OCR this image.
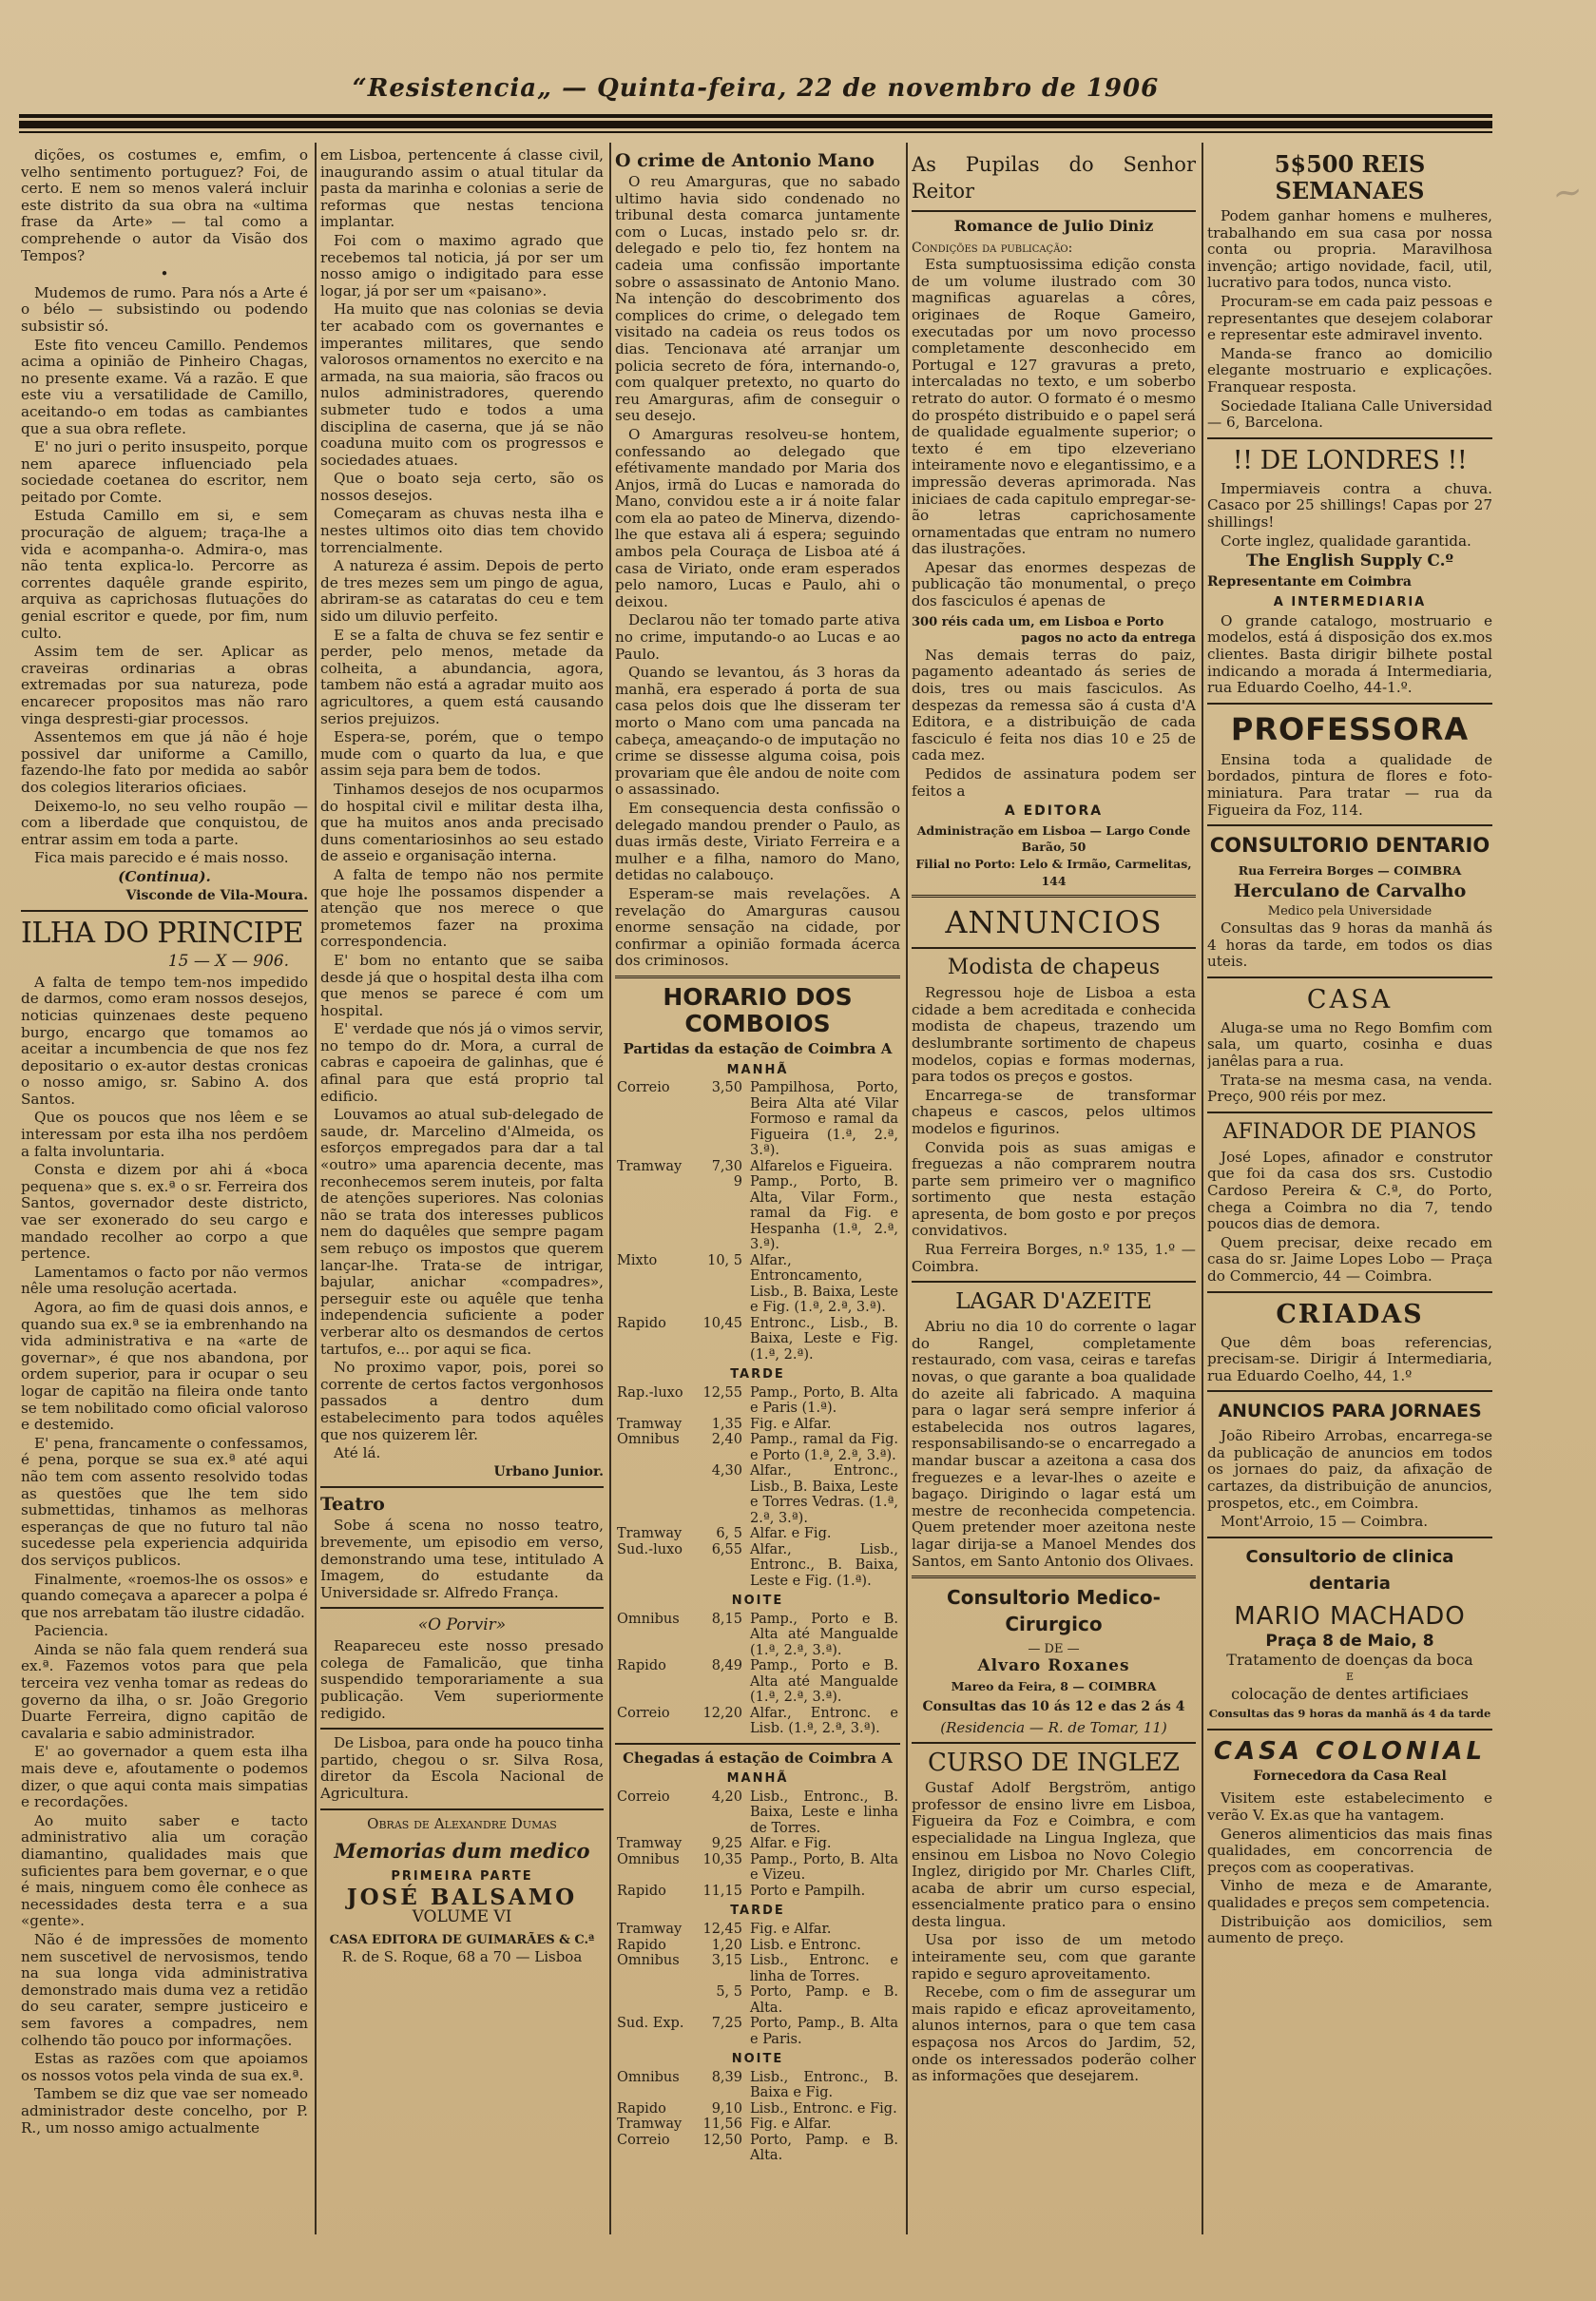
“Resistencia„ — Quinta-feira, 22 de novembro de 1906

dições, os costumes e, emfim, o velho sentimento portuguez? Foi, de certo. E nem so menos valerá incluir este distrito da sua obra na «ultima frase da Arte» — tal como a comprehende o autor da Visão dos Tempos?

•

Mudemos de rumo. Para nós a Arte é o bélo — subsistindo ou podendo subsistir só.

Este fito venceu Camillo. Pendemos acima a opinião de Pinheiro Chagas, no presente exame. Vá a razão. E que este viu a versatilidade de Camillo, aceitando-o em todas as cambiantes que a sua obra reflete.

E' no juri o perito insuspeito, porque nem aparece influenciado pela sociedade coetanea do escritor, nem peitado por Comte.

Estuda Camillo em si, e sem procuração de alguem; traça-lhe a vida e acompanha-o. Admira-o, mas não tenta explica-lo. Percorre as correntes daquêle grande espirito, arquiva as caprichosas flutuações do genial escritor e quede, por fim, num culto.

Assim tem de ser. Aplicar as craveiras ordinarias a obras extremadas por sua natureza, pode encarecer propositos mas não raro vinga despresti-giar processos.

Assentemos em que já não é hoje possivel dar uniforme a Camillo, fazendo-lhe fato por medida ao sabôr dos colegios literarios oficiaes.

Deixemo-lo, no seu velho roupão — com a liberdade que conquistou, de entrar assim em toda a parte.

Fica mais parecido e é mais nosso.

(Continua).

Visconde de Vila-Moura.
ILHA DO PRINCIPE
15 — X — 906.

A falta de tempo tem-nos impedido de darmos, como eram nossos desejos, noticias quinzenaes deste pequeno burgo, encargo que tomamos ao aceitar a incumbencia de que nos fez depositario o ex-autor destas cronicas o nosso amigo, sr. Sabino A. dos Santos.

Que os poucos que nos lêem e se interessam por esta ilha nos perdôem a falta involuntaria.

Consta e dizem por ahi á «boca pequena» que s. ex.ª o sr. Ferreira dos Santos, governador deste districto, vae ser exonerado do seu cargo e mandado recolher ao corpo a que pertence.

Lamentamos o facto por não vermos nêle uma resolução acertada.

Agora, ao fim de quasi dois annos, e quando sua ex.ª se ia embrenhando na vida administrativa e na «arte de governar», é que nos abandona, por ordem superior, para ir ocupar o seu logar de capitão na fileira onde tanto se tem nobilitado como oficial valoroso e destemido.

E' pena, francamente o confessamos, é pena, porque se sua ex.ª até aqui não tem com assento resolvido todas as questões que lhe tem sido submettidas, tinhamos as melhoras esperanças de que no futuro tal não sucedesse pela experiencia adquirida dos serviços publicos.

Finalmente, «roemos-lhe os ossos» e quando começava a aparecer a polpa é que nos arrebatam tão ilustre cidadão.

Paciencia.

Ainda se não fala quem renderá sua ex.ª. Fazemos votos para que pela terceira vez venha tomar as redeas do governo da ilha, o sr. João Gregorio Duarte Ferreira, digno capitão de cavalaria e sabio administrador.

E' ao governador a quem esta ilha mais deve e, afoutamente o podemos dizer, o que aqui conta mais simpatias e recordações.

Ao muito saber e tacto administrativo alia um coração diamantino, qualidades mais que suficientes para bem governar, e o que é mais, ninguem como êle conhece as necessidades desta terra e a sua «gente».

Não é de impressões de momento nem suscetivel de nervosismos, tendo na sua longa vida administrativa demonstrado mais duma vez a retidão do seu carater, sempre justiceiro e sem favores a compadres, nem colhendo tão pouco por informações.

Estas as razões com que apoiamos os nossos votos pela vinda de sua ex.ª.

Tambem se diz que vae ser nomeado administrador deste concelho, por P. R., um nosso amigo actualmente

em Lisboa, pertencente á classe civil, inaugurando assim o atual titular da pasta da marinha e colonias a serie de reformas que nestas tencionа implantar.

Foi com o maximo agrado que recebemos tal noticia, já por ser um nosso amigo o indigitado para esse logar, já por ser um «paisano».

Ha muito que nas colonias se deviа ter acabado com os governantes e imperantes militares, que sendo valorosos ornamentos no exercito e na armada, na sua maioria, são fracos ou nulos administradores, querendo submeter tudo e todos a uma disciplina de caserna, que já se não coaduna muito com os progressos e sociedades atuaes.

Que o boato seja certo, são os nossos desejos.

Começaram as chuvas nesta ilha e nestes ultimos oito dias tem chovido torrencialmente.

A natureza é assim. Depois de perto de tres mezes sem um pingo de agua, abriram-se as cataratas do ceu e tem sido um diluvio perfeito.

E se a falta de chuva se fez sentir e perder, pelo menos, metade da colheita, a abundancia, agora, tambem não está a agradar muito aos agricultores, a quem está causando serios prejuizos.

Espera-se, porém, que o tempo mude com o quarto da lua, e que assim seja para bem de todos.

Tinhamos desejos de nos ocuparmos do hospital civil e militar desta ilha, que ha muitos anos anda precisado duns comentariosinhos ao seu estado de asseio e organisação interna.

A falta de tempo não nos permite que hoje lhe possamos dispender a atenção que nos merece o que prometemos fazer na proxima correspondencia.

E' bom no entanto que se saiba desde já que o hospital desta ilha com que menos se parece é com um hospital.

E' verdade que nós já o vimos servir, no tempo do dr. Mora, a curral de cabras e capoeira de galinhas, que é afinal para que está proprio tal edificio.

Louvamos ao atual sub-delegado de saude, dr. Marcelino d'Almeida, os esforços empregados para dar a tal «outro» uma aparencia decente, mas reconhecemos serem inuteis, por falta de atenções superiores. Nas colonias não se trata dos interesses publicos nem do daquêles que sempre pagam sem rebuço os impostos que querem lançar-lhe. Trata-se de intrigar, bajular, anichar «compadres», perseguir este ou aquêle que tenha independencia suficiente a poder verberar alto os desmandos de certos tartufos, e... por aqui se fica.

No proximo vapor, pois, porei so corrente de certos factos vergonhosos passados a dentro dum estabelecimento para todos aquêles que nos quizerem lêr.

Até lá.

Urbano Junior.
Teatro

Sobe á scena no nosso teatro, brevemente, um episodio em verso, demonstrando uma tese, intitulado A Imagem, do estudante da Universidade sr. Alfredo França.

«O Porvir»

Reapareceu este nosso presado colega de Famalicão, que tinha suspendido temporariamente a sua publicação. Vem superiormente redigido.

De Lisboa, para onde ha pouco tinha partido, chegou o sr. Silva Rosa, diretor da Escola Nacional de Agricultura.

Obras de Alexandre Dumas
Memorias dum medico
PRIMEIRA PARTE
JOSÉ BALSAMO
VOLUME VI
CASA EDITORA DE GUIMARÃES & C.ª
R. de S. Roque, 68 a 70 — Lisboa
O crime de Antonio Mano

O reu Amarguras, que no sabado ultimo havia sido condenado no tribunal desta comarca juntamente com o Lucas, instado pelo sr. dr. delegado e pelo tio, fez hontem na cadeia uma confissão importante sobre o assassinato de Antonio Mano. Na intenção do descobrimento dos complices do crime, o delegado tem visitado na cadeia os reus todos os dias. Tencionava até arranjar um policia secreto de fóra, internando-o, com qualquer pretexto, no quarto do reu Amarguras, afim de conseguir o seu desejo.

O Amarguras resolveu-se hontem, confessando ao delegado que efétivamente mandado por Maria dos Anjos, irmã do Lucas e namorada do Mano, convidou este a ir á noite falar com ela ao pateo de Minerva, dizendo-lhe que estava ali á espera; seguindo ambos pela Couraça de Lisboa até á casa de Viriato, onde eram esperados pelo namoro, Lucas e Paulo, ahi o deixou.

Declarou não ter tomado parte ativa no crime, imputando-o ao Lucas e ao Paulo.

Quando se levantou, ás 3 horas da manhã, era esperado á porta de sua casa pelos dois que lhe disseram ter morto o Mano com uma pancada na cabeça, ameaçando-o de imputação no crime se dissesse alguma coisa, pois provariam que êle andou de noite com o assassinado.

Em consequencia desta confissão o delegado mandou prender o Paulo, as duas irmãs deste, Viriato Ferreira e a mulher e a filha, namoro do Mano, detidas no calabouço.

Esperam-se mais revelações. A revelação do Amarguras causou enorme sensação na cidade, por confirmar a opinião formada ácerca dos criminosos.

HORARIO DOS COMBOIOS
Partidas da estação de Coimbra A
MANHÃ
Correio	3,50	Pampilhosa, Porto, Beira Alta até Vilar Formoso e ramal da Figueira (1.ª, 2.ª, 3.ª).
Tramway	7,30	Alfarelos e Figueira.
	9	Pamp., Porto, B. Alta, Vilar Form., ramal da Fig. e Hespanha (1.ª, 2.ª, 3.ª).
Mixto	10, 5	Alfar., Entroncamento, Lisb., B. Baixa, Leste e Fig. (1.ª, 2.ª, 3.ª).
Rapido	10,45	Entronc., Lisb., B. Baixa, Leste e Fig. (1.ª, 2.ª).
TARDE
Rap.-luxo	12,55	Pamp., Porto, B. Alta e Paris (1.ª).
Tramway	1,35	Fig. e Alfar.
Omnibus	2,40	Pamp., ramal da Fig. e Porto (1.ª, 2.ª, 3.ª).
	4,30	Alfar., Entronc., Lisb., B. Baixa, Leste e Torres Vedras. (1.ª, 2.ª, 3.ª).
Tramway	6, 5	Alfar. e Fig.
Sud.-luxo	6,55	Alfar., Lisb., Entronc., B. Baixa, Leste e Fig. (1.ª).
NOITE
Omnibus	8,15	Pamp., Porto e B. Alta até Mangualde (1.ª, 2.ª, 3.ª).
Rapido	8,49	Pamp., Porto e B. Alta até Mangualde (1.ª, 2.ª, 3.ª).
Correio	12,20	Alfar., Entronc. e Lisb. (1.ª, 2.ª, 3.ª).
Chegadas á estação de Coimbra A
MANHÃ
Correio	4,20	Lisb., Entronc., B. Baixa, Leste e linha de Torres.
Tramway	9,25	Alfar. e Fig.
Omnibus	10,35	Pamp., Porto, B. Alta e Vizeu.
Rapido	11,15	Porto e Pampilh.
TARDE
Tramway	12,45	Fig. e Alfar.
Rapido	1,20	Lisb. e Entronc.
Omnibus	3,15	Lisb., Entronc. e linha de Torres.
	5, 5	Porto, Pamp. e B. Alta.
Sud. Exp.	7,25	Porto, Pamp., B. Alta e Paris.
NOITE
Omnibus	8,39	Lisb., Entronc., B. Baixa e Fig.
Rapido	9,10	Lisb., Entronc. e Fig.
Tramway	11,56	Fig. e Alfar.
Correio	12,50	Porto, Pamp. e B. Alta.
As Pupilas do Senhor Reitor
Romance de Julio Diniz
Condições da publicação:

Esta sumptuosissima edição consta de um volume ilustrado com 30 magnificas aguarelas a côres, originaes de Roque Gameiro, executadas por um novo processo completamente desconhecido em Portugal e 127 gravuras a preto, intercaladas no texto, e um soberbo retrato do autor. O formato é o mesmo do prospéto distribuido e o papel será de qualidade egualmente superior; o texto é em tipo elzeveriano inteiramente novo e elegantissimo, e a impressão deveras aprimorada. Nas iniciaes de cada capitulo empregar-se-ão letras caprichosamente ornamentadas que entram no numero das ilustrações.

Apesar das enormes despezas de publicação tão monumental, o preço dos fasciculos é apenas de

300 réis cada um, em Lisboa e Porto
pagos no acto da entrega

Nas demais terras do paiz, pagamento adeantado ás series de dois, tres ou mais fasciculos. As despezas da remessa são á custa d'A Editora, e a distribuição de cada fasciculo é feita nos dias 10 e 25 de cada mez.

Pedidos de assinatura podem ser feitos a

A EDITORA
Administração em Lisboa — Largo Conde Barão, 50
Filial no Porto: Lelo & Irmão, Carmelitas, 144
ANNUNCIOS
Modista de chapeus

Regressou hoje de Lisboa a esta cidade a bem acreditada e conhecida modista de chapeus, trazendo um deslumbrante sortimento de chapeus modelos, copias e formas modernas, para todos os preços e gostos.

Encarrega-se de transformar chapeus e cascos, pelos ultimos modelos e figurinos.

Convida pois as suas amigas e freguezas a não comprarem noutra parte sem primeiro ver o magnifico sortimento que nesta estação apresenta, de bom gosto e por preços convidativos.

Rua Ferreira Borges, n.º 135, 1.º — Coimbra.

LAGAR D'AZEITE

Abriu no dia 10 do corrente o lagar do Rangel, completamente restaurado, com vasa, ceiras e tarefas novas, o que garante a boa qualidade do azeite ali fabricado. A maquina para o lagar será sempre inferior á estabelecida nos outros lagares, responsabilisando-se o encarregado a mandar buscar a azeitona a casa dos freguezes e a levar-lhes o azeite e bagaço. Dirigindo o lagar está um mestre de reconhecida competencia. Quem pretender moer azeitona neste lagar dirija-se a Manoel Mendes dos Santos, em Santo Antonio dos Olivaes.

Consultorio Medico-Cirurgico
— DE —
Alvaro Roxanes
Mareo da Feira, 8 — COIMBRA
Consultas das 10 ás 12 e das 2 ás 4
(Residencia — R. de Tomar, 11)
CURSO DE INGLEZ

Gustaf Adolf Bergström, antigo professor de ensino livre em Lisboa, Figueira da Foz e Coimbra, e com especialidade na Lingua Ingleza, que ensinou em Lisboa no Novo Colegio Inglez, dirigido por Mr. Charles Clift, acaba de abrir um curso especial, essencialmente pratico para o ensino desta lingua.

Usa por isso de um metodo inteiramente seu, com que garante rapido e seguro aproveitamento.

Recebe, com o fim de assegurar um mais rapido e eficaz aproveitamento, alunos internos, para o que tem casa espaçosa nos Arcos do Jardim, 52, onde os interessados poderão colher as informações que desejarem.

5$500 REIS SEMANAES

Podem ganhar homens e mulheres, trabalhando em sua casa por nossa conta ou propria. Maravilhosa invenção; artigo novidade, facil, util, lucrativo para todos, nunca visto.

Procuram-se em cada paiz pessoas e representantes que desejem colaborar e representar este admiravel invento.

Manda-se franco ao domicilio elegante mostruario e explicações. Franquear resposta.

Sociedade Italiana Calle Universidad — 6, Barcelona.

!! DE LONDRES !!

Impermiaveis contra a chuva. Casaco por 25 shillings! Capas por 27 shillings!

Corte inglez, qualidade garantida.

The English Supply C.º
Representante em Coimbra
A INTERMEDIARIA

O grande catalogo, mostruario e modelos, está á disposição dos ex.mos clientes. Basta dirigir bilhete postal indicando a morada á Intermediaria, rua Eduardo Coelho, 44-1.º.

PROFESSORA

Ensina toda a qualidade de bordados, pintura de flores e foto-miniatura. Para tratar — rua da Figueira da Foz, 114.

CONSULTORIO DENTARIO
Rua Ferreira Borges — COIMBRA
Herculano de Carvalho
Medico pela Universidade

Consultas das 9 horas da manhã ás 4 horas da tarde, em todos os dias uteis.

CASA

Aluga-se uma no Rego Bomfim com sala, um quarto, cosinha e duas janêlas para a rua.

Trata-se na mesma casa, na venda. Preço, 900 réis por mez.

AFINADOR DE PIANOS

José Lopes, afinador e construtor que foi da casa dos srs. Custodio Cardoso Pereira & C.ª, do Porto, chega a Coimbra no dia 7, tendo poucos dias de demora.

Quem precisar, deixe recado em casa do sr. Jaime Lopes Lobo — Praça do Commercio, 44 — Coimbra.

CRIADAS

Que dêm boas referencias, precisam-se. Dirigir á Intermediaria, rua Eduardo Coelho, 44, 1.º

ANUNCIOS PARA JORNAES

João Ribeiro Arrobas, encarrega-se da publicação de anuncios em todos os jornaes do paiz, da afixação de cartazes, da distribuição de anuncios, prospetos, etc., em Coimbra.

Mont'Arroio, 15 — Coimbra.

Consultorio de clinica dentaria
MARIO MACHADO
Praça 8 de Maio, 8
Tratamento de doenças da boca
E
colocação de dentes artificiaes
Consultas das 9 horas da manhã ás 4 da tarde
CASA COLONIAL
Fornecedora da Casa Real

Visitem este estabelecimento e verão V. Ex.as que ha vantagem.

Generos alimenticios das mais finas qualidades, em concorrencia de preços com as cooperativas.

Vinho de meza e de Amarante, qualidades e preços sem competencia.

Distribuição aos domicilios, sem aumento de preço.

~
